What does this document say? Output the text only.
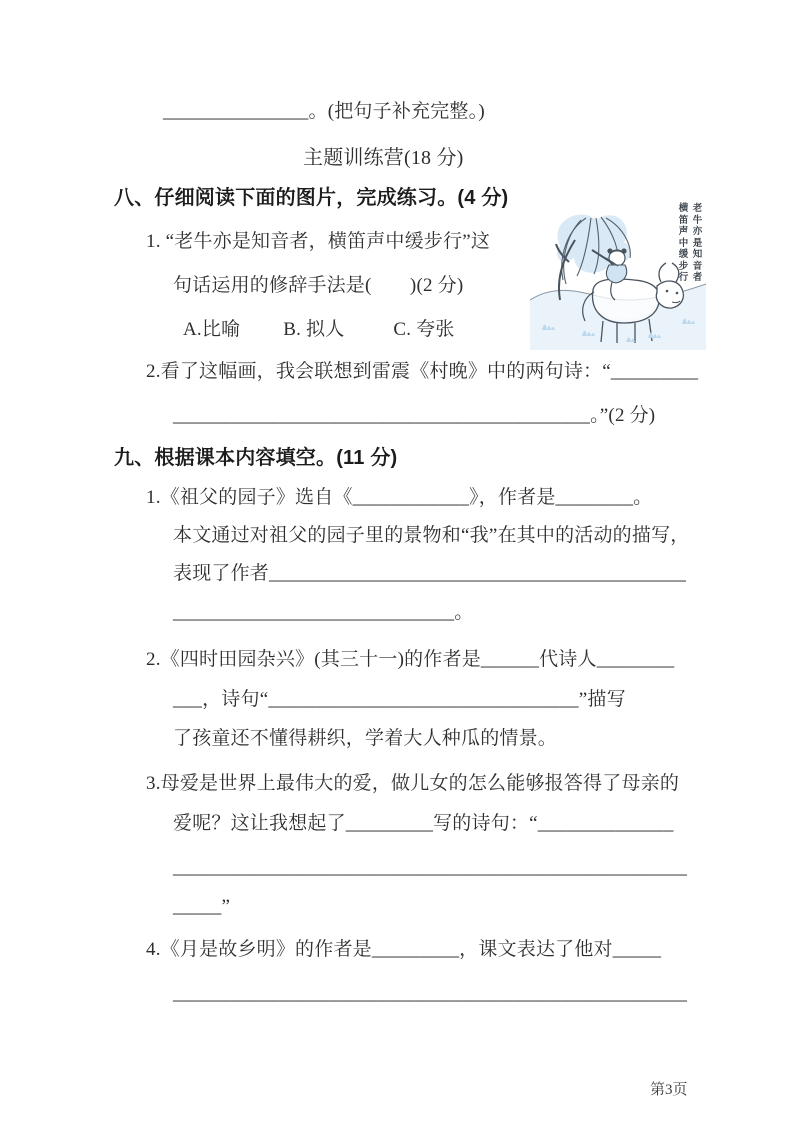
_______________。(把句子补充完整。)
主题训练营(18 分)
八、仔细阅读下面的图片，完成练习。(4 分)
1. “老牛亦是知音者，横笛声中缓步行”这
句话运用的修辞手法是(　　)(2 分)
A.比喻 B. 拟人	C. 夸张
老牛亦是知音者
横笛声中缓步行
2.看了这幅画，我会联想到雷震《村晚》中的两句诗：“_________
___________________________________________。”(2 分)
九、根据课本内容填空。(11 分)
1.《祖父的园子》选自《____________》，作者是________。
本文通过对祖父的园子里的景物和“我”在其中的活动的描写，
表现了作者___________________________________________
_____________________________。
2.《四时田园杂兴》(其三十一)的作者是______代诗人________
___，诗句“________________________________”描写
了孩童还不懂得耕织，学着大人种瓜的情景。
3.母爱是世界上最伟大的爱，做儿女的怎么能够报答得了母亲的
爱呢？这让我想起了_________写的诗句：“______________
_____________________________________________________
_____”
4.《月是故乡明》的作者是_________，课文表达了他对_____
_____________________________________________________
第3页
